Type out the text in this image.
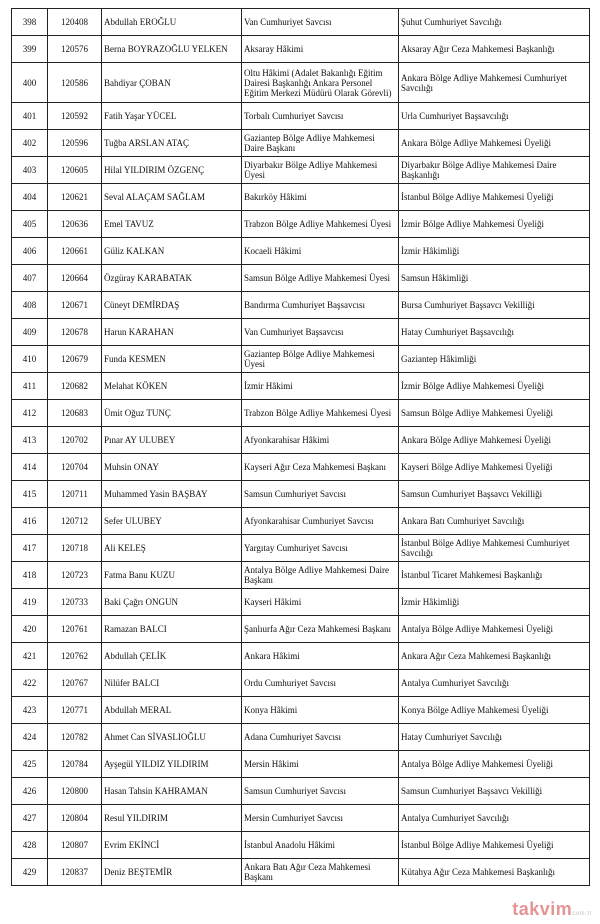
398	120408	Abdullah EROĞLU	Van Cumhuriyet Savcısı	Şuhut Cumhuriyet Savcılığı
399	120576	Berna BOYRAZOĞLU YELKEN	Aksaray Hâkimi	Aksaray Ağır Ceza Mahkemesi Başkanlığı
400	120586	Bahdiyar ÇOBAN	Oltu Hâkimi (Adalet Bakanlığı Eğitim Dairesi Başkanlığı Ankara Personel Eğitim Merkezi Müdürü Olarak Görevli)	Ankara Bölge Adliye Mahkemesi Cumhuriyet Savcılığı
401	120592	Fatih Yaşar YÜCEL	Torbalı Cumhuriyet Savcısı	Urla Cumhuriyet Başsavcılığı
402	120596	Tuğba ARSLAN ATAÇ	Gaziantep Bölge Adliye Mahkemesi Daire Başkanı	Ankara Bölge Adliye Mahkemesi Üyeliği
403	120605	Hilal YILDIRIM ÖZGENÇ	Diyarbakır Bölge Adliye Mahkemesi Üyesi	Diyarbakır Bölge Adliye Mahkemesi Daire Başkanlığı
404	120621	Seval ALAÇAM SAĞLAM	Bakırköy Hâkimi	İstanbul Bölge Adliye Mahkemesi Üyeliği
405	120636	Emel TAVUZ	Trabzon Bölge Adliye Mahkemesi Üyesi	İzmir Bölge Adliye Mahkemesi Üyeliği
406	120661	Güliz KALKAN	Kocaeli Hâkimi	İzmir Hâkimliği
407	120664	Özgüray KARABATAK	Samsun Bölge Adliye Mahkemesi Üyesi	Samsun Hâkimliği
408	120671	Cüneyt DEMİRDAŞ	Bandırma Cumhuriyet Başsavcısı	Bursa Cumhuriyet Başsavcı Vekilliği
409	120678	Harun KARAHAN	Van Cumhuriyet Başsavcısı	Hatay Cumhuriyet Başsavcılığı
410	120679	Funda KESMEN	Gaziantep Bölge Adliye Mahkemesi Üyesi	Gaziantep Hâkimliği
411	120682	Melahat KÖKEN	İzmir Hâkimi	İzmir Bölge Adliye Mahkemesi Üyeliği
412	120683	Ümit Oğuz TUNÇ	Trabzon Bölge Adliye Mahkemesi Üyesi	Samsun Bölge Adliye Mahkemesi Üyeliği
413	120702	Pınar AY ULUBEY	Afyonkarahisar Hâkimi	Ankara Bölge Adliye Mahkemesi Üyeliği
414	120704	Muhsin ONAY	Kayseri Ağır Ceza Mahkemesi Başkanı	Kayseri Bölge Adliye Mahkemesi Üyeliği
415	120711	Muhammed Yasin BAŞBAY	Samsun Cumhuriyet Savcısı	Samsun Cumhuriyet Başsavcı Vekilliği
416	120712	Sefer ULUBEY	Afyonkarahisar Cumhuriyet Savcısı	Ankara Batı Cumhuriyet Savcılığı
417	120718	Ali KELEŞ	Yargıtay Cumhuriyet Savcısı	İstanbul Bölge Adliye Mahkemesi Cumhuriyet Savcılığı
418	120723	Fatma Banu KUZU	Antalya Bölge Adliye Mahkemesi Daire Başkanı	İstanbul Ticaret Mahkemesi Başkanlığı
419	120733	Baki Çağrı ONGUN	Kayseri Hâkimi	İzmir Hâkimliği
420	120761	Ramazan BALCI	Şanlıurfa Ağır Ceza Mahkemesi Başkanı	Antalya Bölge Adliye Mahkemesi Üyeliği
421	120762	Abdullah ÇELİK	Ankara Hâkimi	Ankara Ağır Ceza Mahkemesi Başkanlığı
422	120767	Nilüfer BALCI	Ordu Cumhuriyet Savcısı	Antalya Cumhuriyet Savcılığı
423	120771	Abdullah MERAL	Konya Hâkimi	Konya Bölge Adliye Mahkemesi Üyeliği
424	120782	Ahmet Can SİVASLIOĞLU	Adana Cumhuriyet Savcısı	Hatay Cumhuriyet Savcılığı
425	120784	Ayşegül YILDIZ YILDIRIM	Mersin Hâkimi	Antalya Bölge Adliye Mahkemesi Üyeliği
426	120800	Hasan Tahsin KAHRAMAN	Samsun Cumhuriyet Savcısı	Samsun Cumhuriyet Başsavcı Vekilliği
427	120804	Resul YILDIRIM	Mersin Cumhuriyet Savcısı	Antalya Cumhuriyet Savcılığı
428	120807	Evrim EKİNCİ	İstanbul Anadolu Hâkimi	İstanbul Bölge Adliye Mahkemesi Üyeliği
429	120837	Deniz BEŞTEMİR	Ankara Batı Ağır Ceza Mahkemesi Başkanı	Kütahya Ağır Ceza Mahkemesi Başkanlığı
takvimcom.tr
